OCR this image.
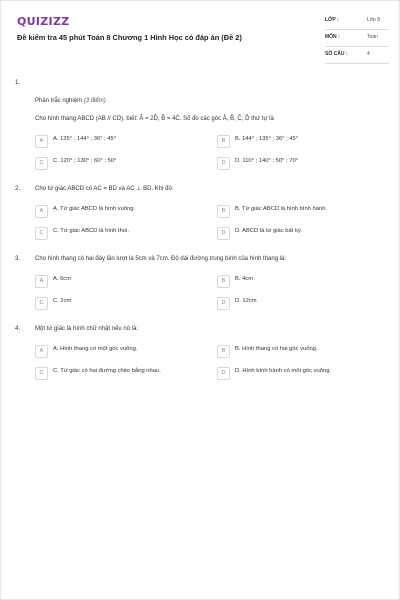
QUIZIZZ
Đề kiểm tra 45 phút Toán 8 Chương 1 Hình Học có đáp án (Đề 2)
LỚP :	Lớp 8
MÔN :	Toán
SỐ CÂU :	4
1.
Phần trắc nghiệm (3 điểm)
Cho hình thang ABCD (AB // CD), biết: Â = 2D̂, B̂ = 4Ĉ. Số đo các góc Â, B̂, Ĉ, D̂ thứ tự là
A	A. 135° ; 144° ; 36° ; 45°	B	B. 144° ; 135° ; 36° ; 45°
C	C. 120° ; 130° ; 60° ; 50°	D	D. 110° ; 140° ; 50° ; 70°
2. Cho tứ giác ABCD có AC = BD và AC ⊥ BD. Khi đó:
A	A. Tứ giác ABCD là hình vuông.	B	B. Tứ giác ABCD là hình bình hành.
C	C. Tứ giác ABCD là hình thoi.	D	D. ABCD là tứ giác bất kỳ.
3. Cho hình thang có hai đáy lần lượt là 5cm và 7cm. Độ dài đường trung bình của hình thang là:
A	A. 6cm	B	B. 4cm
C	C. 2cm	D	D. 12cm
4. Một tứ giác là hình chữ nhật nếu nó là:
A	A. Hình thang có một góc vuông.	B	B. Hình thang có hai góc vuông.
C	C. Tứ giác có hai đường chéo bằng nhau.	D	D. Hình bình hành có một góc vuông.
